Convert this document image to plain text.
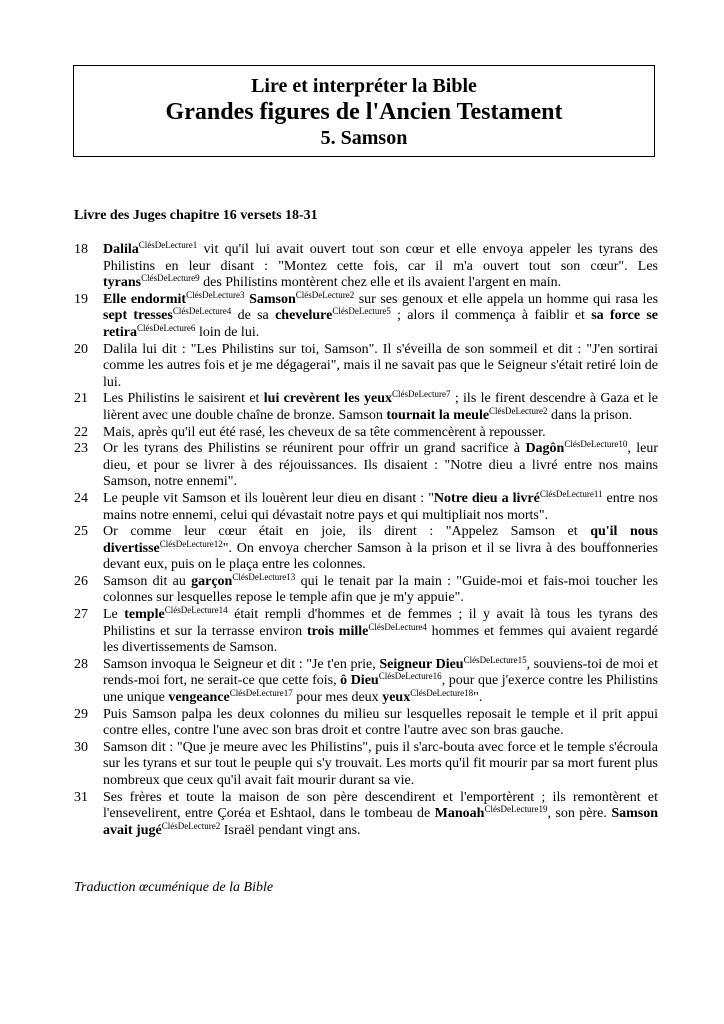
Lire et interpréter la Bible
Grandes figures de l'Ancien Testament
5. Samson
Livre des Juges chapitre 16 versets 18-31
18	Dalila$^{ClésDeLecture1}$ vit qu'il lui avait ouvert tout son cœur et elle envoya appeler les tyrans des Philistins en leur disant : "Montez cette fois, car il m'a ouvert tout son cœur". Les tyrans$^{ClésDeLecture9}$ des Philistins montèrent chez elle et ils avaient l'argent en main.
19	Elle endormit$^{ClésDeLecture3}$ Samson$^{ClésDeLecture2}$ sur ses genoux et elle appela un homme qui rasa les sept tresses$^{ClésDeLecture4}$ de sa chevelure$^{ClésDeLecture5}$ ; alors il commença à faiblir et sa force se retira$^{ClésDeLecture6}$ loin de lui.
20	Dalila lui dit : "Les Philistins sur toi, Samson". Il s'éveilla de son sommeil et dit : "J'en sortirai comme les autres fois et je me dégagerai", mais il ne savait pas que le Seigneur s'était retiré loin de lui.
21	Les Philistins le saisirent et lui crevèrent les yeux$^{ClésDeLecture7}$ ; ils le firent descendre à Gaza et le lièrent avec une double chaîne de bronze. Samson tournait la meule$^{ClésDeLecture2}$ dans la prison.
22	Mais, après qu'il eut été rasé, les cheveux de sa tête commencèrent à repousser.
23	Or les tyrans des Philistins se réunirent pour offrir un grand sacrifice à Dagôn$^{ClésDeLecture10}$, leur dieu, et pour se livrer à des réjouissances. Ils disaient : "Notre dieu a livré entre nos mains Samson, notre ennemi".
24	Le peuple vit Samson et ils louèrent leur dieu en disant : "Notre dieu a livré$^{ClésDeLecture11}$ entre nos mains notre ennemi, celui qui dévastait notre pays et qui multipliait nos morts".
25	Or comme leur cœur était en joie, ils dirent : "Appelez Samson et qu'il nous divertisse$^{ClésDeLecture12}$". On envoya chercher Samson à la prison et il se livra à des bouffonneries devant eux, puis on le plaça entre les colonnes.
26	Samson dit au garçon$^{ClésDeLecture13}$ qui le tenait par la main : "Guide-moi et fais-moi toucher les colonnes sur lesquelles repose le temple afin que je m'y appuie".
27	Le temple$^{ClésDeLecture14}$ était rempli d'hommes et de femmes ; il y avait là tous les tyrans des Philistins et sur la terrasse environ trois mille$^{ClésDeLecture4}$ hommes et femmes qui avaient regardé les divertissements de Samson.
28	Samson invoqua le Seigneur et dit : "Je t'en prie, Seigneur Dieu$^{ClésDeLecture15}$, souviens-toi de moi et rends-moi fort, ne serait-ce que cette fois, ô Dieu$^{ClésDeLecture16}$, pour que j'exerce contre les Philistins une unique vengeance$^{ClésDeLecture17}$ pour mes deux yeux$^{ClésDeLecture18}$".
29	Puis Samson palpa les deux colonnes du milieu sur lesquelles reposait le temple et il prit appui contre elles, contre l'une avec son bras droit et contre l'autre avec son bras gauche.
30	Samson dit : "Que je meure avec les Philistins", puis il s'arc-bouta avec force et le temple s'écroula sur les tyrans et sur tout le peuple qui s'y trouvait. Les morts qu'il fit mourir par sa mort furent plus nombreux que ceux qu'il avait fait mourir durant sa vie.
31	Ses frères et toute la maison de son père descendirent et l'emportèrent ; ils remontèrent et l'ensevelirent, entre Çoréa et Eshtaol, dans le tombeau de Manoah$^{ClésDeLecture19}$, son père. Samson avait jugé$^{ClésDeLecture2}$ Israël pendant vingt ans.
Traduction œcuménique de la Bible
